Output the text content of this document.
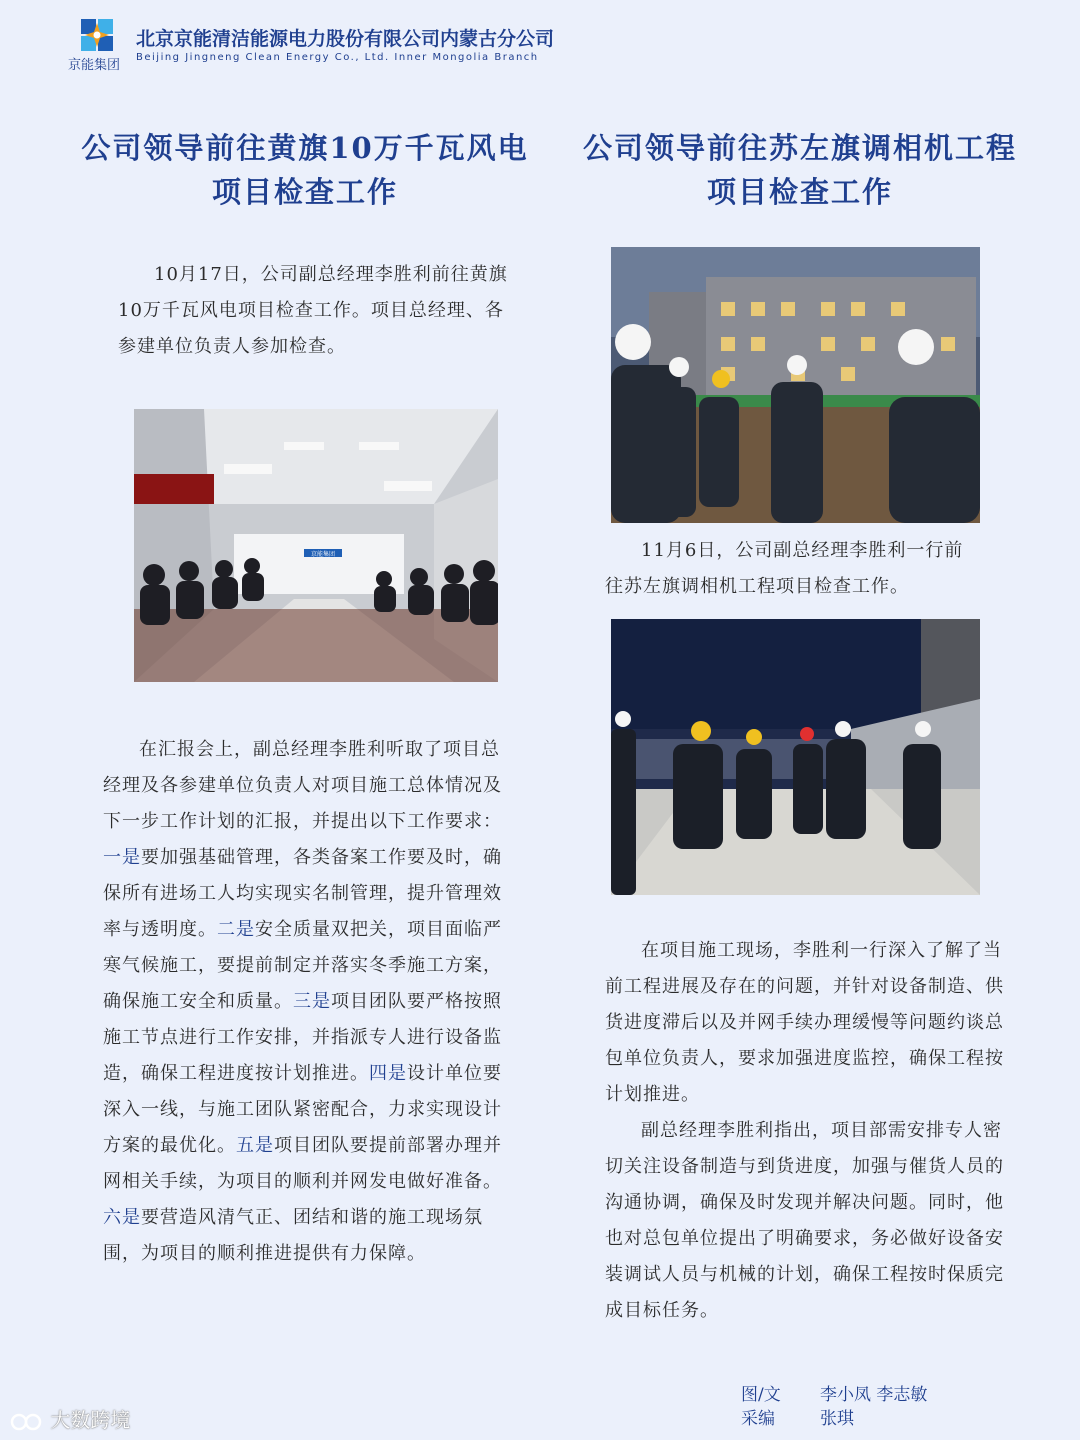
京能集团
北京京能清洁能源电力股份有限公司内蒙古分公司
Beijing Jingneng Clean Energy Co., Ltd. Inner Mongolia Branch
公司领导前往黄旗10万千瓦风电项目检查工作

10月17日，公司副总经理李胜利前往黄旗10万千瓦风电项目检查工作。项目总经理、各参建单位负责人参加检查。

京能集团
在汇报会上，副总经理李胜利听取了项目总经理及各参建单位负责人对项目施工总体情况及下一步工作计划的汇报，并提出以下工作要求：一是要加强基础管理，各类备案工作要及时，确保所有进场工人均实现实名制管理，提升管理效率与透明度。二是安全质量双把关，项目面临严寒气候施工，要提前制定并落实冬季施工方案，确保施工安全和质量。三是项目团队要严格按照施工节点进行工作安排，并指派专人进行设备监造，确保工程进度按计划推进。四是设计单位要深入一线，与施工团队紧密配合，力求实现设计方案的最优化。五是项目团队要提前部署办理并网相关手续，为项目的顺利并网发电做好准备。六是要营造风清气正、团结和谐的施工现场氛围，为项目的顺利推进提供有力保障。
公司领导前往苏左旗调相机工程项目检查工作

11月6日，公司副总经理李胜利一行前往苏左旗调相机工程项目检查工作。

在项目施工现场，李胜利一行深入了解了当前工程进展及存在的问题，并针对设备制造、供货进度滞后以及并网手续办理缓慢等问题约谈总包单位负责人，要求加强进度监控，确保工程按计划推进。

副总经理李胜利指出，项目部需安排专人密切关注设备制造与到货进度，加强与催货人员的沟通协调，确保及时发现并解决问题。同时，他也对总包单位提出了明确要求，务必做好设备安装调试人员与机械的计划，确保工程按时保质完成目标任务。

图/文 李小凤 李志敏
采编	张琪
大数跨境
